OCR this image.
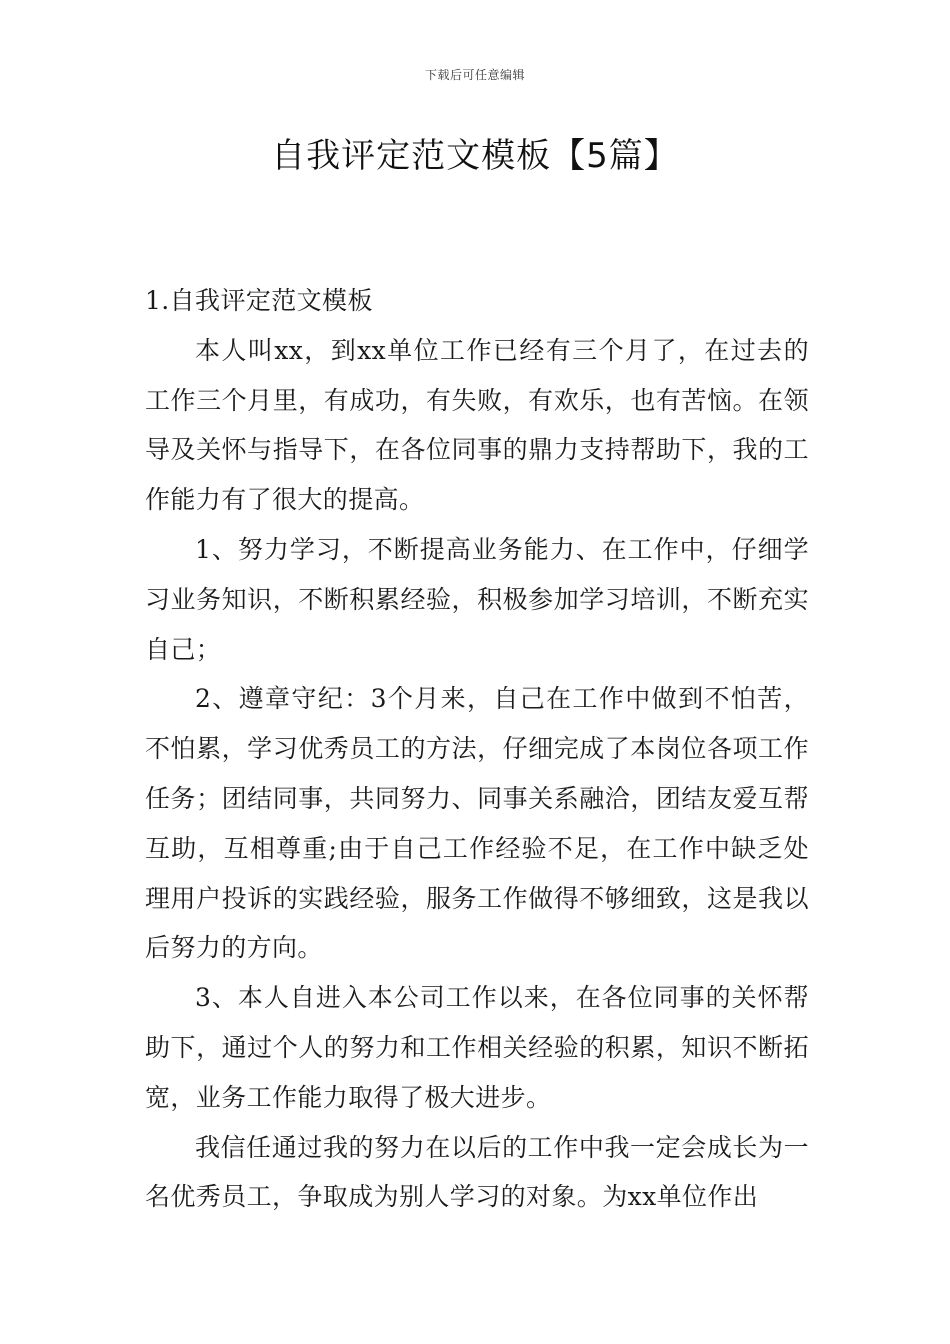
下载后可任意编辑
自我评定范文模板【5篇】
1.自我评定范文模板

本人叫xx，到xx单位工作已经有三个月了，在过去的工作三个月里，有成功，有失败，有欢乐，也有苦恼。在领导及关怀与指导下，在各位同事的鼎力支持帮助下，我的工作能力有了很大的提高。

1、努力学习，不断提高业务能力、在工作中，仔细学习业务知识，不断积累经验，积极参加学习培训，不断充实自己；

2、遵章守纪：3个月来，自己在工作中做到不怕苦，不怕累，学习优秀员工的方法，仔细完成了本岗位各项工作任务；团结同事，共同努力、同事关系融洽，团结友爱互帮互助，互相尊重;由于自己工作经验不足，在工作中缺乏处理用户投诉的实践经验，服务工作做得不够细致，这是我以后努力的方向。

3、本人自进入本公司工作以来，在各位同事的关怀帮助下，通过个人的努力和工作相关经验的积累，知识不断拓宽，业务工作能力取得了极大进步。

我信任通过我的努力在以后的工作中我一定会成长为一名优秀员工，争取成为别人学习的对象。为xx单位作出
